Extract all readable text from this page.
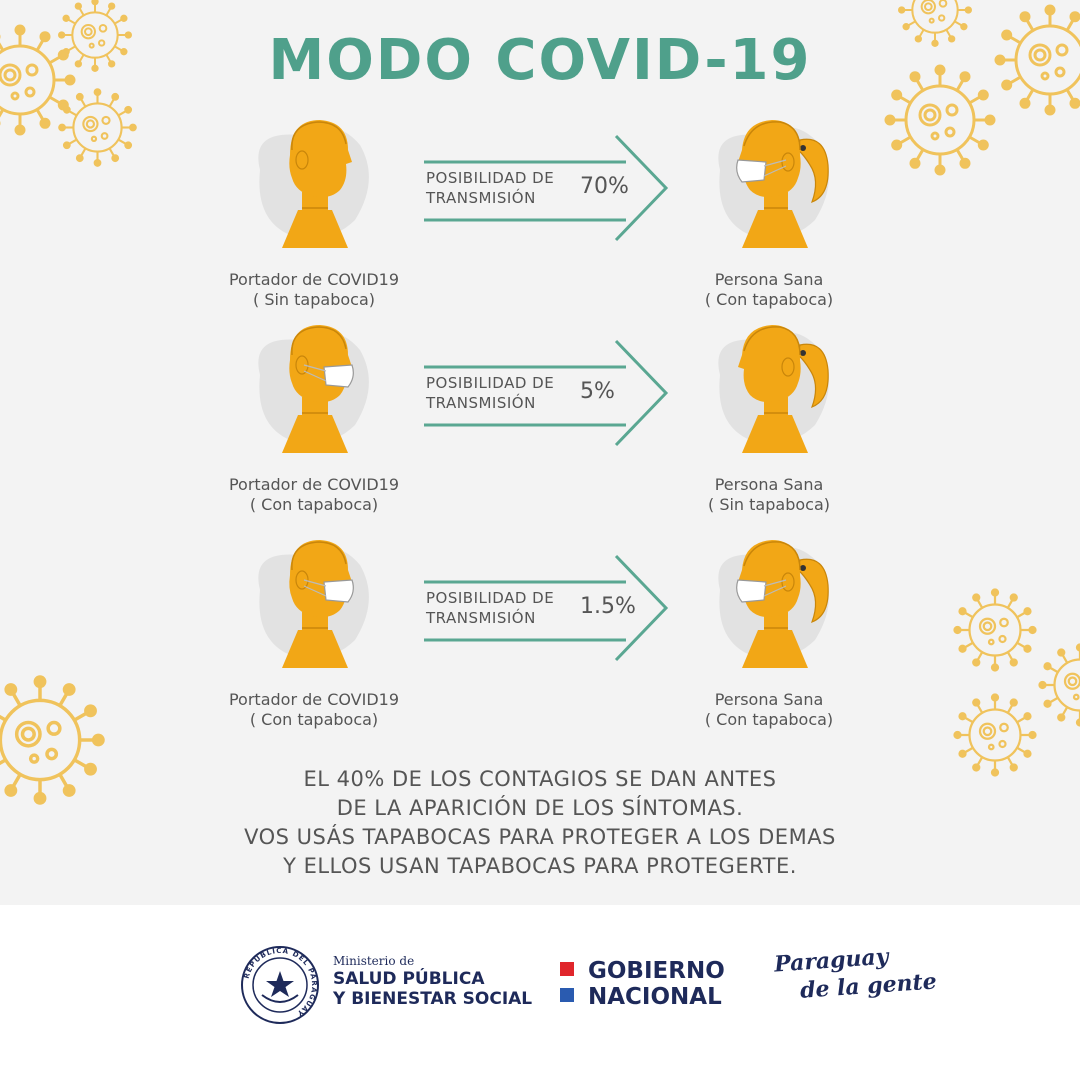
MODO COVID-19
Portador de COVID19
( Sin tapaboca)
POSIBILIDAD DE
TRANSMISIÓN	70%
Persona Sana
( Con tapaboca)
Portador de COVID19
( Con tapaboca)
POSIBILIDAD DE
TRANSMISIÓN	5%
Persona Sana
( Sin tapaboca)
Portador de COVID19
( Con tapaboca)
POSIBILIDAD DE
TRANSMISIÓN	1.5%
Persona Sana
( Con tapaboca)
EL 40% DE LOS CONTAGIOS SE DAN ANTES
DE LA APARICIÓN DE LOS SÍNTOMAS.
VOS USÁS TAPABOCAS PARA PROTEGER A LOS DEMAS
Y ELLOS USAN TAPABOCAS PARA PROTEGERTE.
REPÚBLICA DEL PARAGUAY
Ministerio de
SALUD PÚBLICA
Y BIENESTAR SOCIAL
GOBIERNO
NACIONAL
Paraguay
de la gente
